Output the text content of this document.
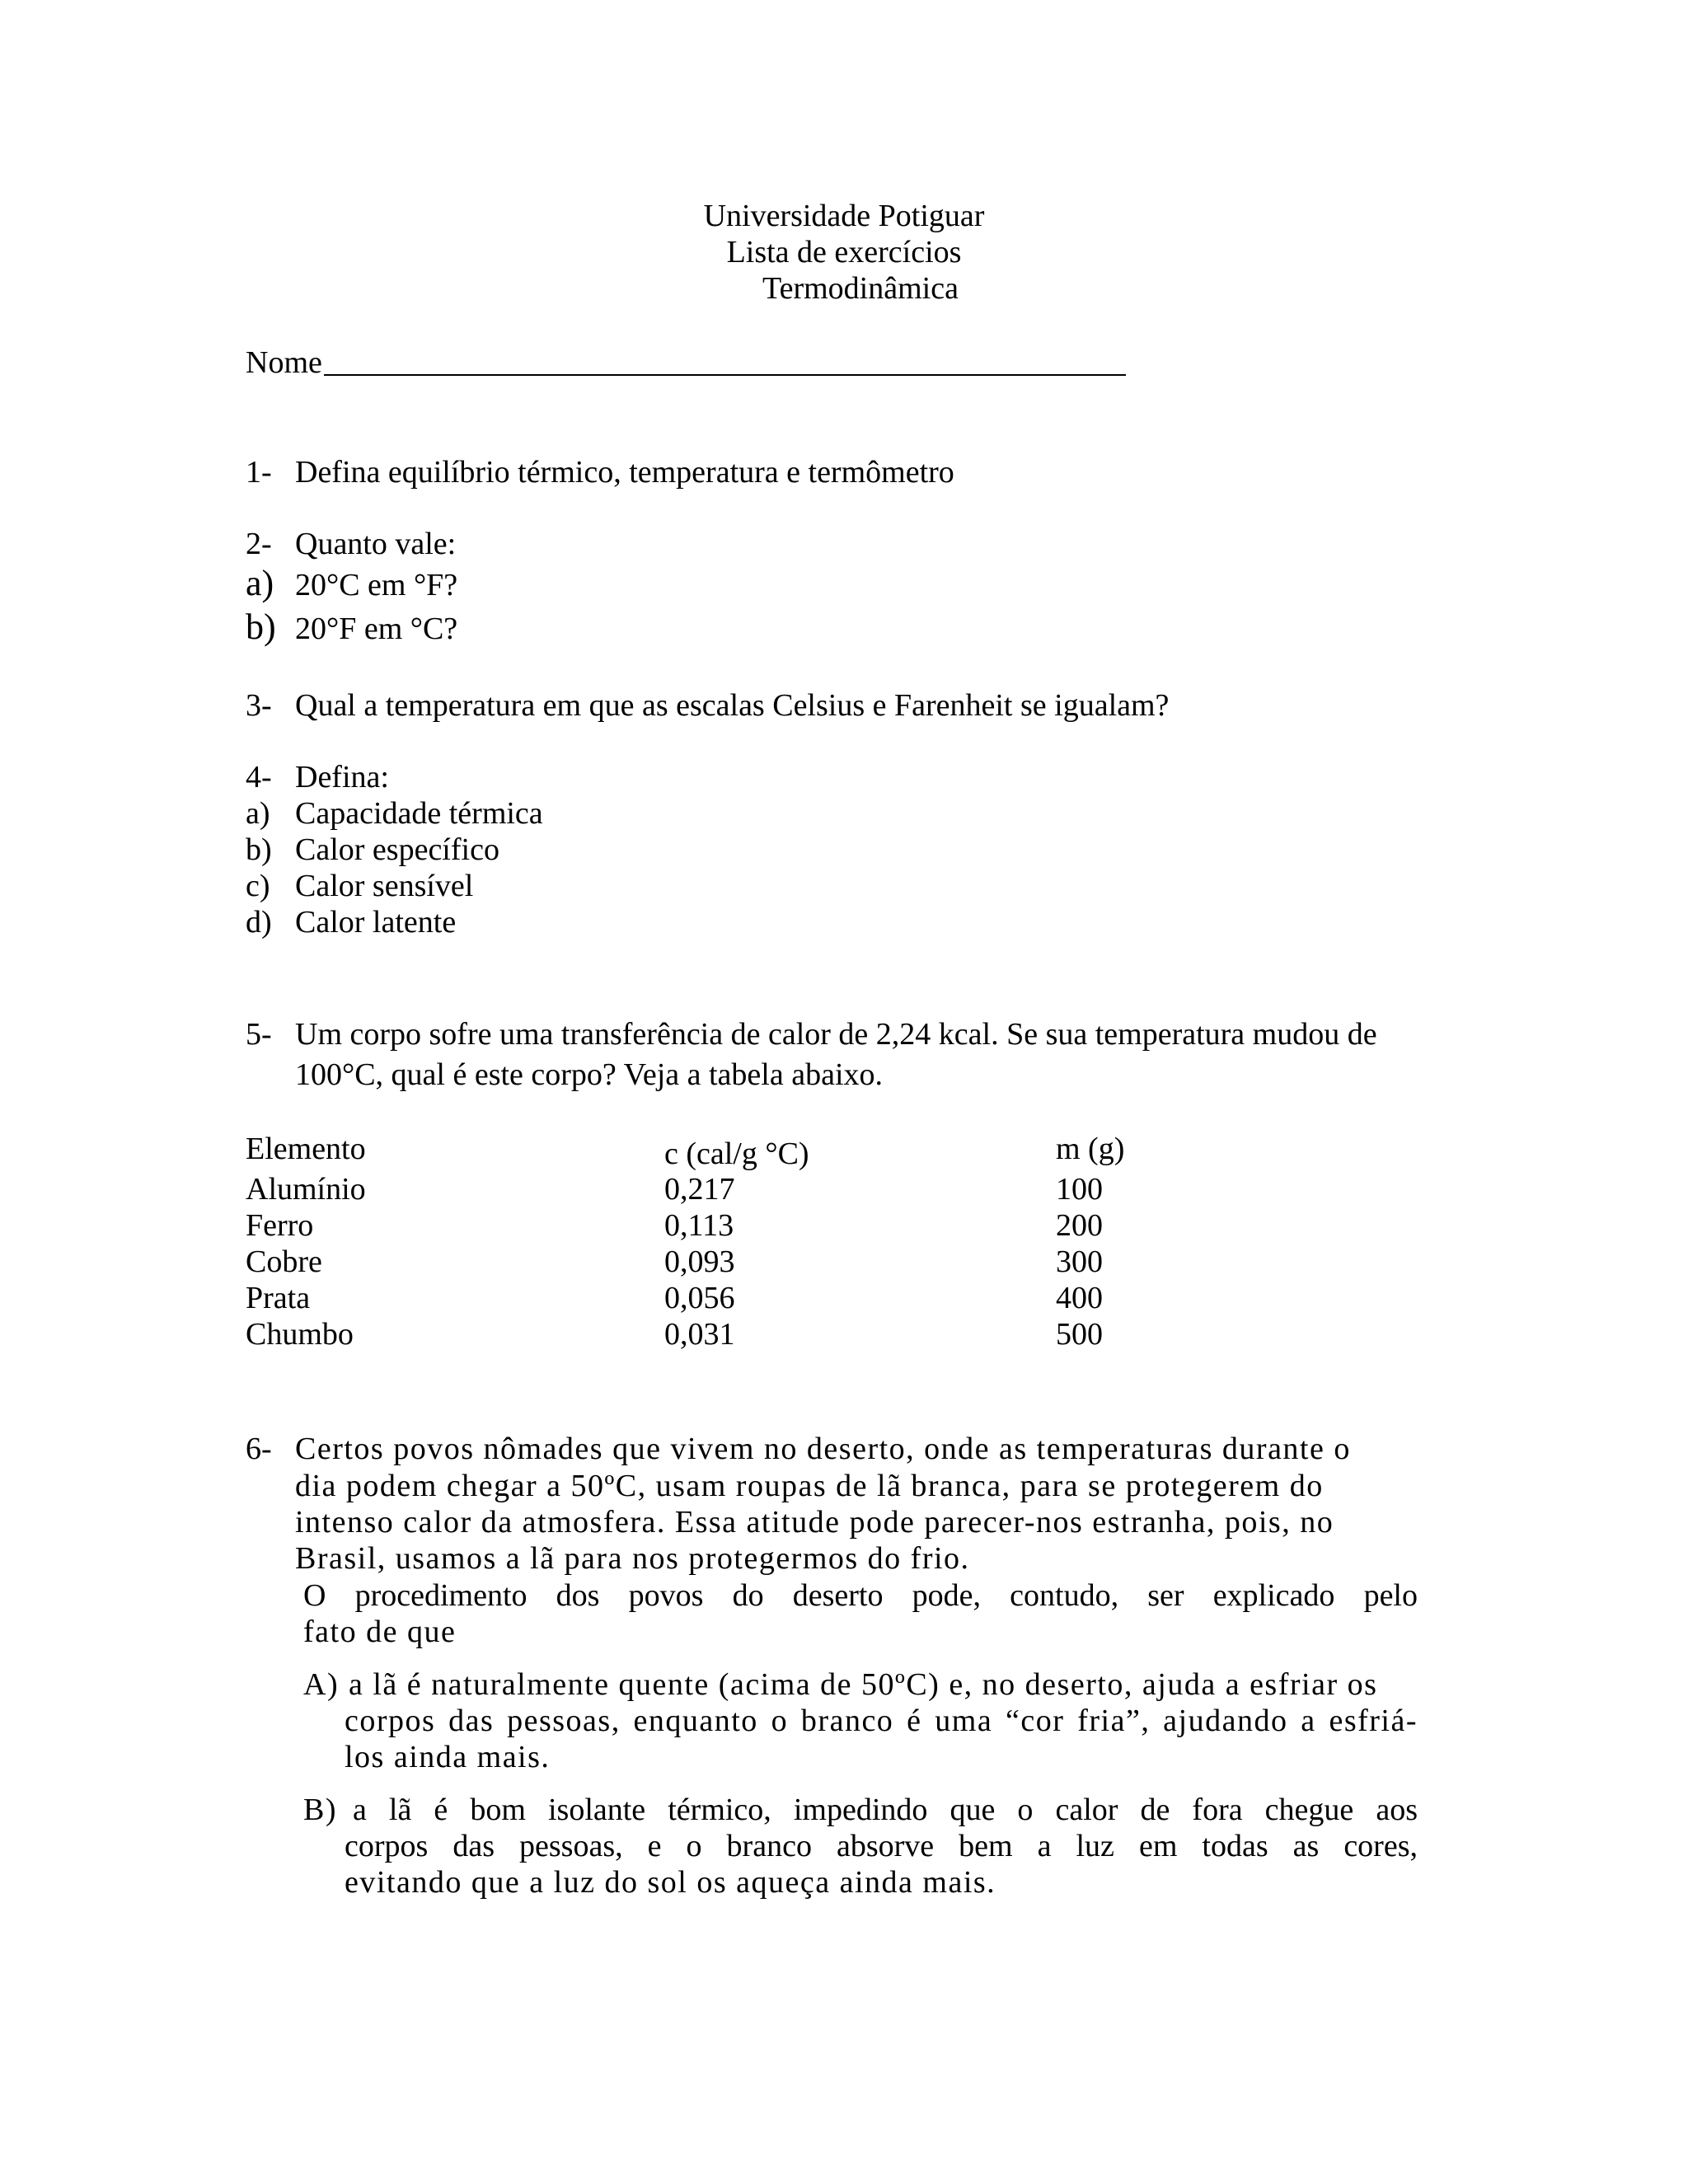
Universidade Potiguar
Lista de exercícios
Termodinâmica
Nome
1- Defina equilíbrio térmico, temperatura e termômetro
2- Quanto vale:
a) 20°C em °F?
b) 20°F em °C?
3- Qual a temperatura em que as escalas Celsius e Farenheit se igualam?
4- Defina:
a) Capacidade térmica
b) Calor específico
c) Calor sensível
d) Calor latente
5- Um corpo sofre uma transferência de calor de 2,24 kcal. Se sua temperatura mudou de
100°C, qual é este corpo? Veja a tabela abaixo.
Elemento	c (cal/g °C)	m (g)
Alumínio	0,217	100
Ferro	0,113	200
Cobre	0,093	300
Prata	0,056	400
Chumbo	0,031	500
6- Certos povos nômades que vivem no deserto, onde as temperaturas durante o
dia podem chegar a 50ºC, usam roupas de lã branca, para se protegerem do
intenso calor da atmosfera. Essa atitude pode parecer-nos estranha, pois, no
Brasil, usamos a lã para nos protegermos do frio.
O procedimento dos povos do deserto pode, contudo, ser explicado pelo
fato de que
A) a lã é naturalmente quente (acima de 50ºC) e, no deserto, ajuda a esfriar os
corpos das pessoas, enquanto o branco é uma “cor fria”, ajudando a esfriá-
los ainda mais.
B) a lã é bom isolante térmico, impedindo que o calor de fora chegue aos
corpos das pessoas, e o branco absorve bem a luz em todas as cores,
evitando que a luz do sol os aqueça ainda mais.
